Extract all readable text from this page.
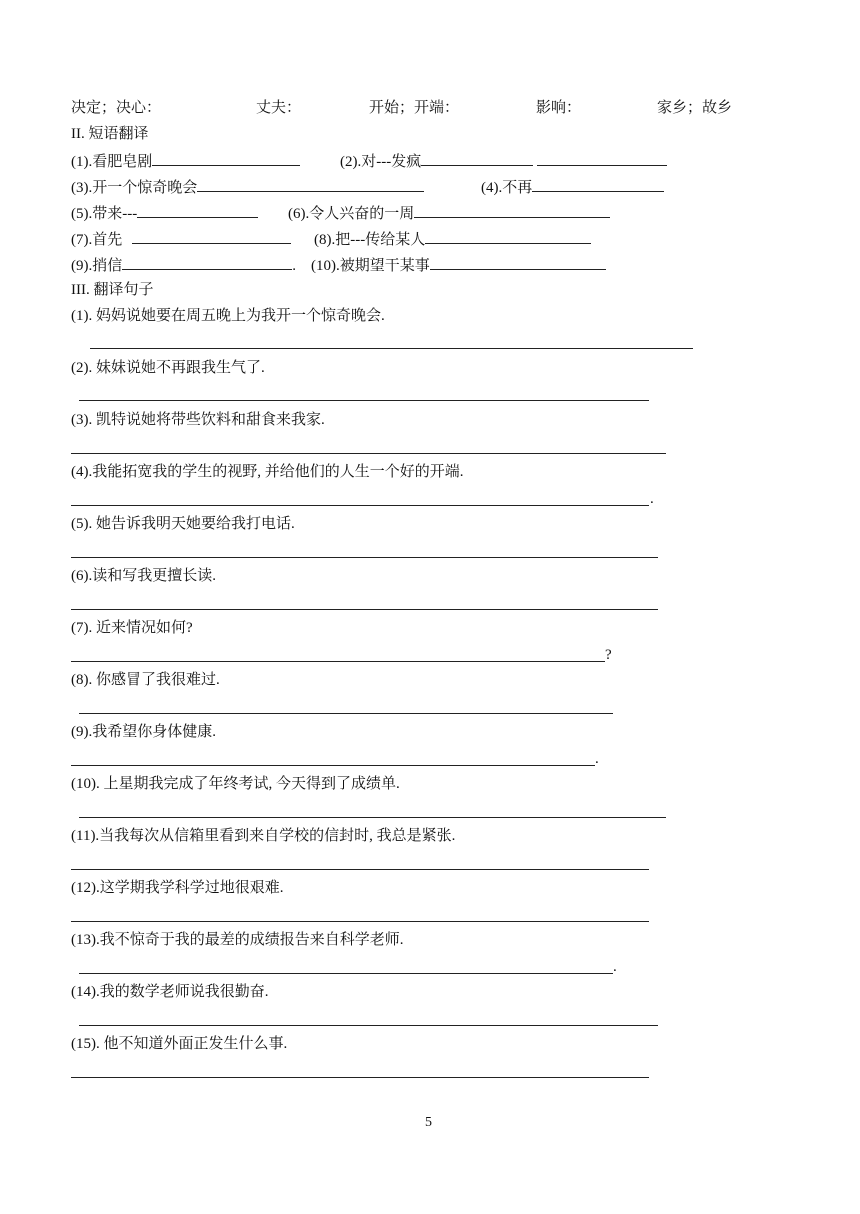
决定；决心：	丈夫：	开始；开端：	影响：	家乡；故乡
II. 短语翻译
(1).看肥皂剧	(2).对---发疯
(3).开一个惊奇晚会	(4).不再
(5).带来---	(6).令人兴奋的一周
(7).首先	(8).把---传给某人
(9).捎信	. (10).被期望干某事
III. 翻译句子
(1). 妈妈说她要在周五晚上为我开一个惊奇晚会.
(2). 妹妹说她不再跟我生气了.
(3). 凯特说她将带些饮料和甜食来我家.
(4).我能拓宽我的学生的视野, 并给他们的人生一个好的开端.
.
(5). 她告诉我明天她要给我打电话.
(6).读和写我更擅长读.
(7). 近来情况如何?
?
(8). 你感冒了我很难过.
(9).我希望你身体健康.
.
(10). 上星期我完成了年终考试, 今天得到了成绩单.
(11).当我每次从信箱里看到来自学校的信封时, 我总是紧张.
(12).这学期我学科学过地很艰难.
(13).我不惊奇于我的最差的成绩报告来自科学老师.
.
(14).我的数学老师说我很勤奋.
(15). 他不知道外面正发生什么事.
5
